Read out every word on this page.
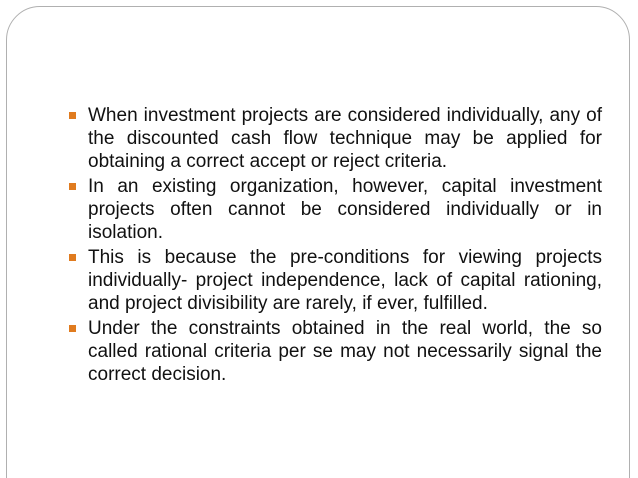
When investment projects are considered individually, any of the discounted cash flow technique may be applied for obtaining a correct accept or reject criteria.
In an existing organization, however, capital investment projects often cannot be considered individually or in isolation.
This is because the pre-conditions for viewing projects individually- project independence, lack of capital rationing, and project divisibility are rarely, if ever, fulfilled.
Under the constraints obtained in the real world, the so called rational criteria per se may not necessarily signal the correct decision.
